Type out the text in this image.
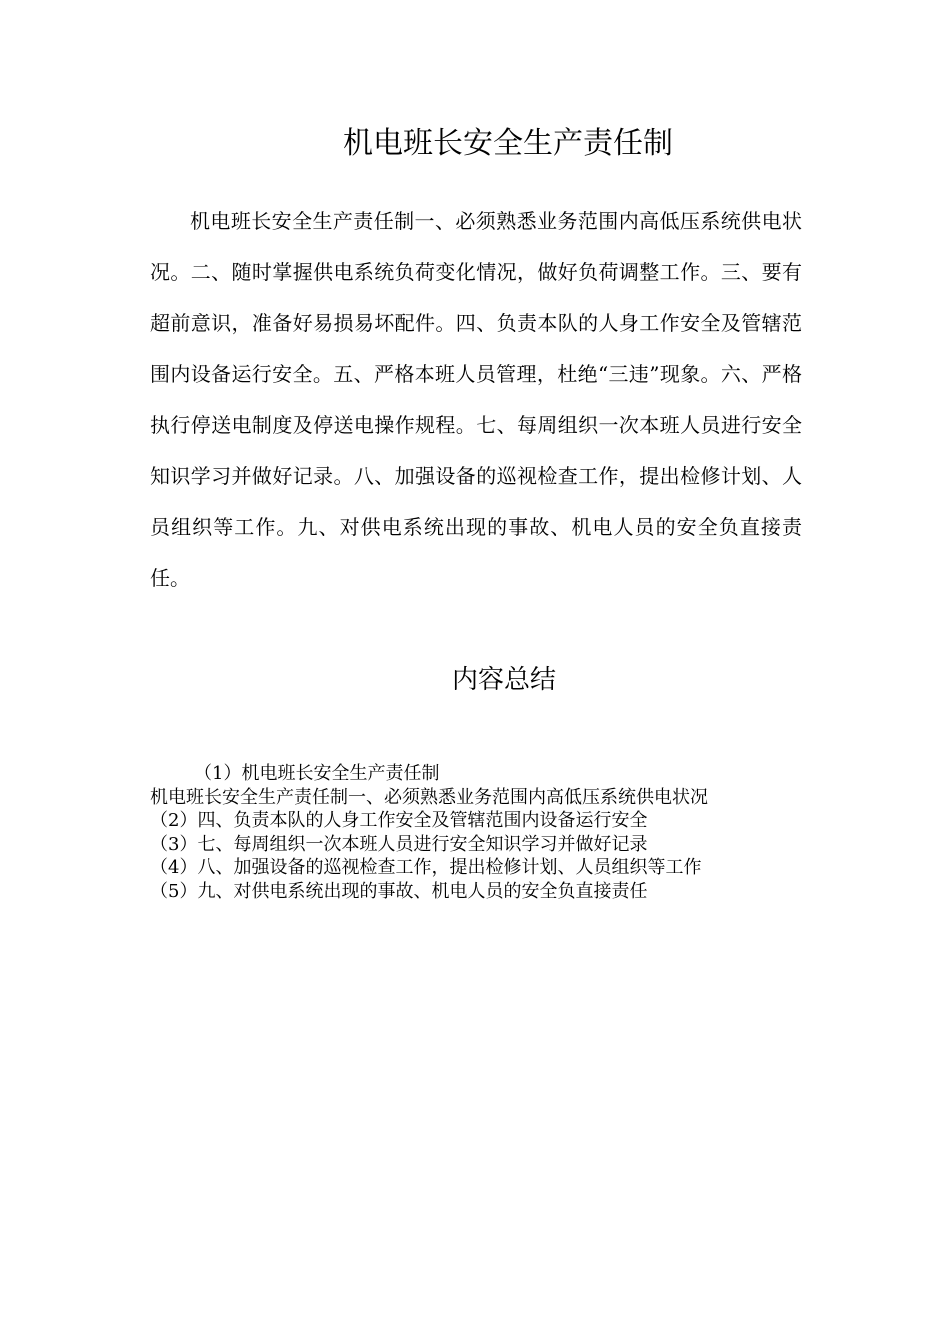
机电班长安全生产责任制

机电班长安全生产责任制一、必须熟悉业务范围内高低压系统供电状况。二、随时掌握供电系统负荷变化情况，做好负荷调整工作。三、要有超前意识，准备好易损易坏配件。四、负责本队的人身工作安全及管辖范围内设备运行安全。五、严格本班人员管理，杜绝“三违”现象。六、严格执行停送电制度及停送电操作规程。七、每周组织一次本班人员进行安全知识学习并做好记录。八、加强设备的巡视检查工作，提出检修计划、人员组织等工作。九、对供电系统出现的事故、机电人员的安全负直接责任。

内容总结
（1）机电班长安全生产责任制
机电班长安全生产责任制一、必须熟悉业务范围内高低压系统供电状况
（2）四、负责本队的人身工作安全及管辖范围内设备运行安全
（3）七、每周组织一次本班人员进行安全知识学习并做好记录
（4）八、加强设备的巡视检查工作，提出检修计划、人员组织等工作
（5）九、对供电系统出现的事故、机电人员的安全负直接责任
